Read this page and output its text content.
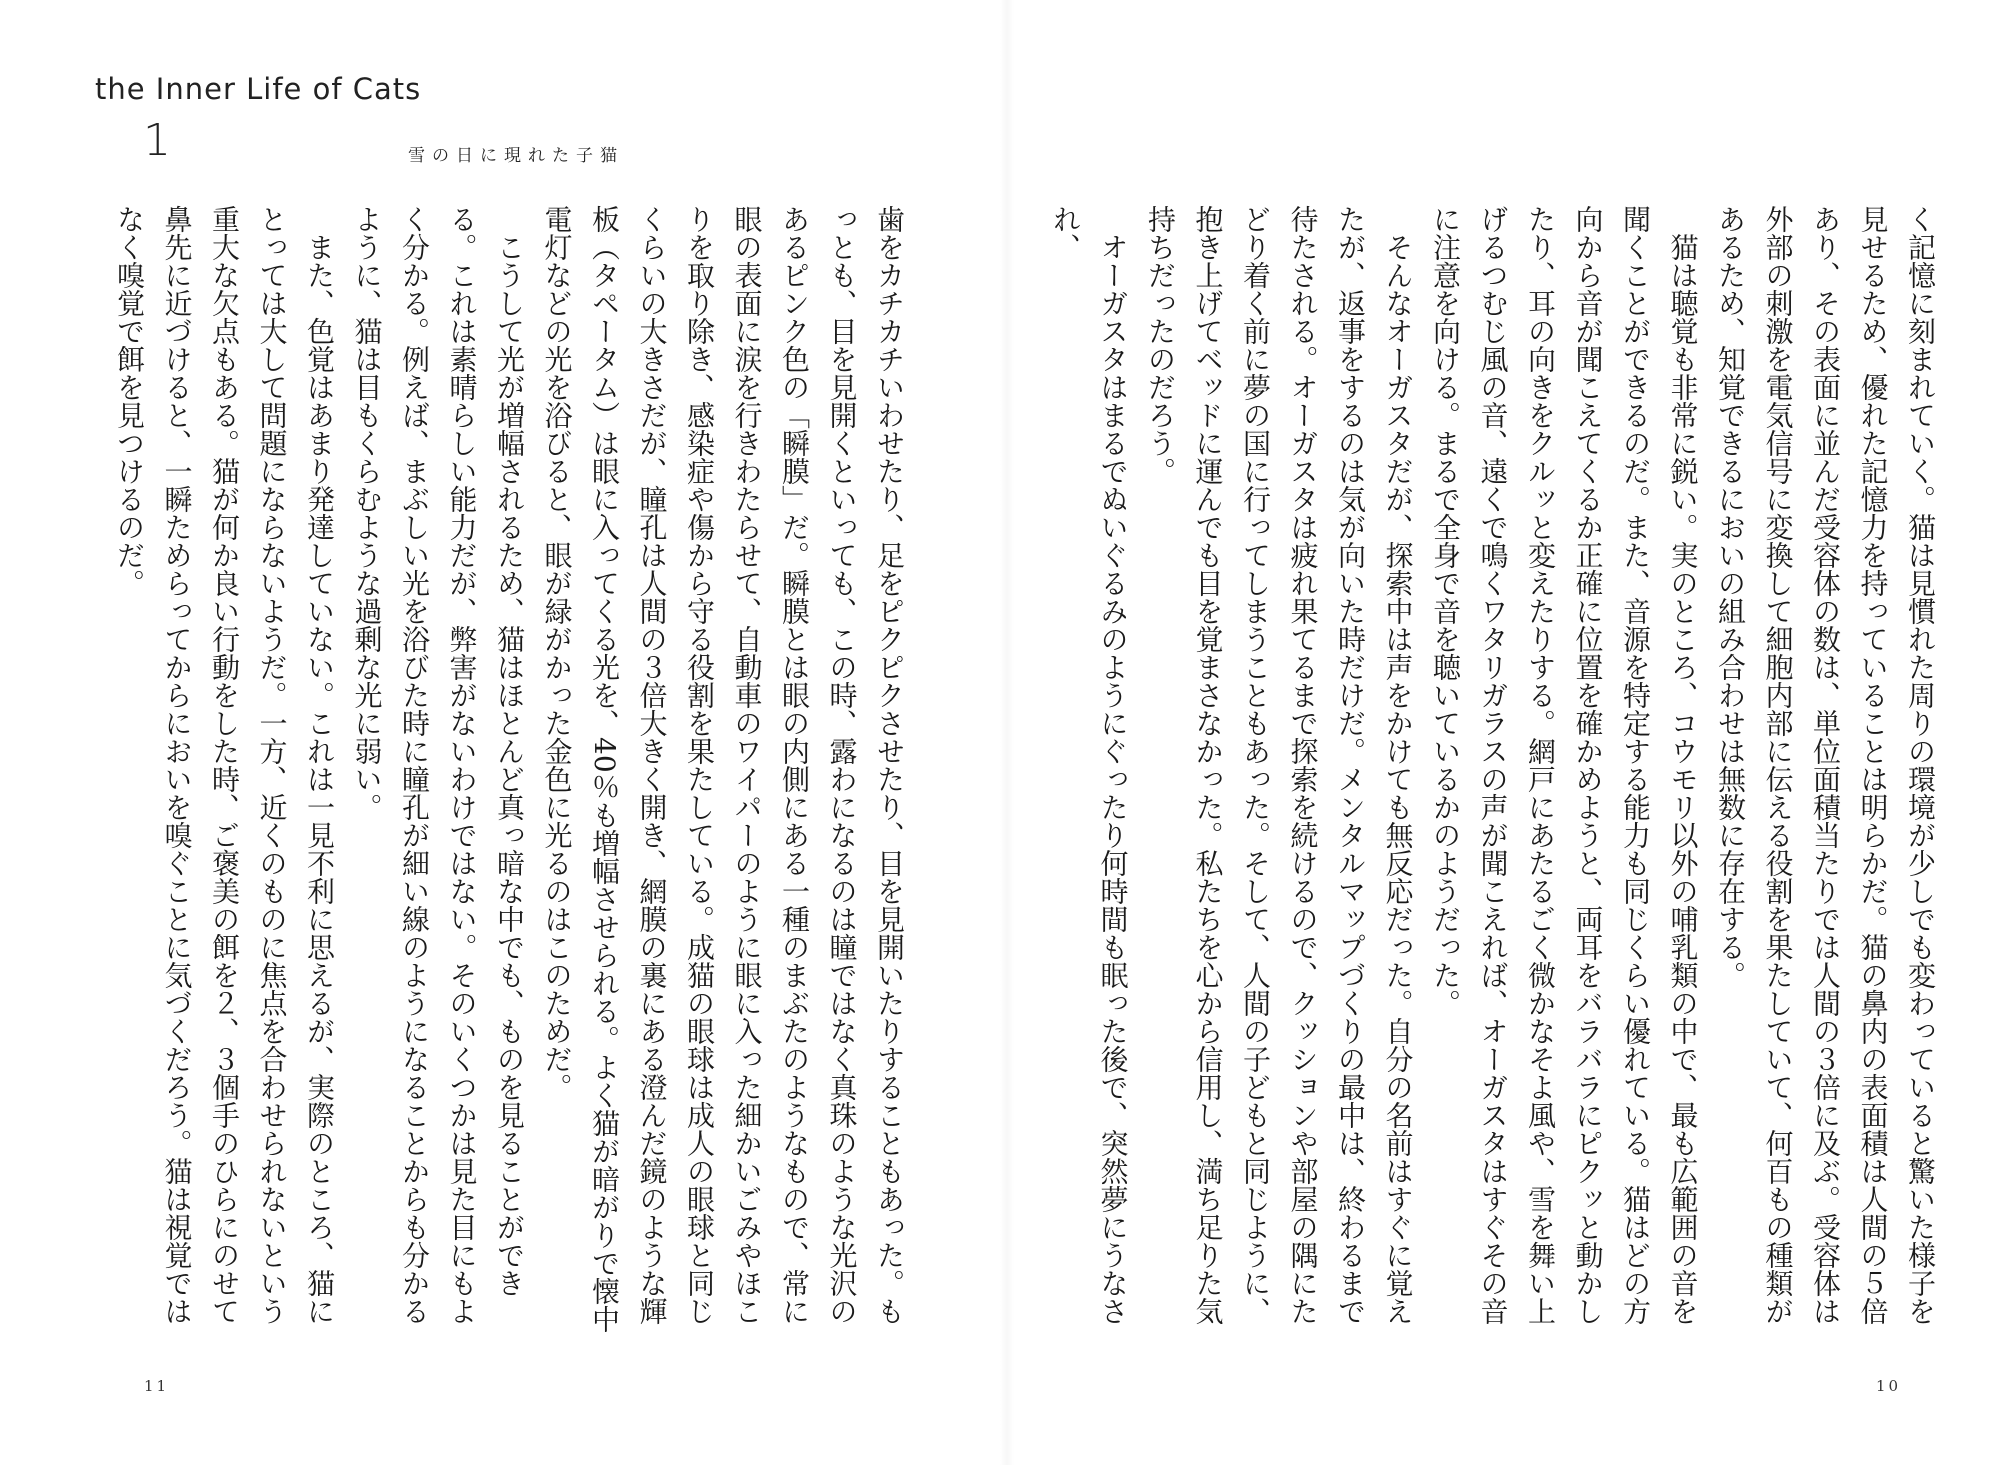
the Inner Life of Cats
1	雪の日に現れた子猫

歯をカチカチいわせたり、足をピクピクさせたり、目を見開いたりすることもあった。もっとも、目を見開くといっても、この時、露わになるのは瞳ではなく真珠のような光沢のあるピンク色の「瞬膜」だ。瞬膜とは眼の内側にある一種のまぶたのようなもので、常に眼の表面に涙を行きわたらせて、自動車のワイパーのように眼に入った細かいごみやほこりを取り除き、感染症や傷から守る役割を果たしている。成猫の眼球は成人の眼球と同じくらいの大きさだが、瞳孔は人間の３倍大きく開き、網膜の裏にある澄んだ鏡のような輝板（タペータム）は眼に入ってくる光を、40％も増幅させられる。よく猫が暗がりで懐中電灯などの光を浴びると、眼が緑がかった金色に光るのはこのためだ。

こうして光が増幅されるため、猫はほとんど真っ暗な中でも、ものを見ることができる。これは素晴らしい能力だが、弊害がないわけではない。そのいくつかは見た目にもよく分かる。例えば、まぶしい光を浴びた時に瞳孔が細い線のようになることからも分かるように、猫は目もくらむような過剰な光に弱い。

また、色覚はあまり発達していない。これは一見不利に思えるが、実際のところ、猫にとっては大して問題にならないようだ。一方、近くのものに焦点を合わせられないという重大な欠点もある。猫が何か良い行動をした時、ご褒美の餌を２、３個手のひらにのせて鼻先に近づけると、一瞬ためらってからにおいを嗅ぐことに気づくだろう。猫は視覚ではなく嗅覚で餌を見つけるのだ。

11

く記憶に刻まれていく。猫は見慣れた周りの環境が少しでも変わっていると驚いた様子を見せるため、優れた記憶力を持っていることは明らかだ。猫の鼻内の表面積は人間の５倍あり、その表面に並んだ受容体の数は、単位面積当たりでは人間の３倍に及ぶ。受容体は外部の刺激を電気信号に変換して細胞内部に伝える役割を果たしていて、何百もの種類があるため、知覚できるにおいの組み合わせは無数に存在する。

猫は聴覚も非常に鋭い。実のところ、コウモリ以外の哺乳類の中で、最も広範囲の音を聞くことができるのだ。また、音源を特定する能力も同じくらい優れている。猫はどの方向から音が聞こえてくるか正確に位置を確かめようと、両耳をバラバラにピクッと動かしたり、耳の向きをクルッと変えたりする。網戸にあたるごく微かなそよ風や、雪を舞い上げるつむじ風の音、遠くで鳴くワタリガラスの声が聞こえれば、オーガスタはすぐその音に注意を向ける。まるで全身で音を聴いているかのようだった。

そんなオーガスタだが、探索中は声をかけても無反応だった。自分の名前はすぐに覚えたが、返事をするのは気が向いた時だけだ。メンタルマップづくりの最中は、終わるまで待たされる。オーガスタは疲れ果てるまで探索を続けるので、クッションや部屋の隅にたどり着く前に夢の国に行ってしまうこともあった。そして、人間の子どもと同じように、抱き上げてベッドに運んでも目を覚まさなかった。私たちを心から信用し、満ち足りた気持ちだったのだろう。

オーガスタはまるでぬいぐるみのようにぐったり何時間も眠った後で、突然夢にうなされ、

10
